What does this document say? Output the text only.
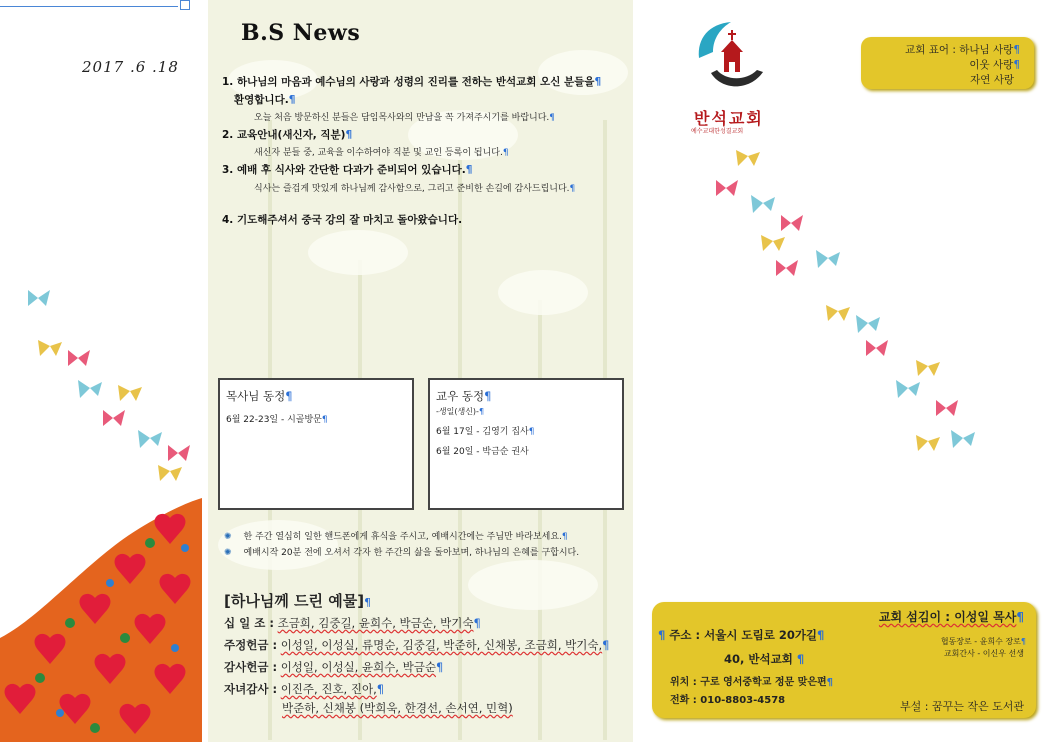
2017 .6 .18
B.S News
1. 하나님의 마음과 예수님의 사랑과 성령의 진리를 전하는 반석교회 오신 분들을¶
환영합니다.¶
오늘 처음 방문하신 분들은 담임목사와의 만남을 꼭 가져주시기를 바랍니다.¶
2. 교육안내(새신자, 직분)¶
새신자 분들 중, 교육을 이수하여야 직분 및 교인 등록이 됩니다.¶
3. 예배 후 식사와 간단한 다과가 준비되어 있습니다.¶
식사는 즐겁게 맛있게 하나님께 감사함으로, 그리고 준비한 손길에 감사드립니다.¶
4. 기도해주셔서 중국 강의 잘 마치고 돌아왔습니다.
목사님 동정¶
6월 22-23일 - 시골방문¶
교우 동정¶
-생일(생신)-¶
6월 17일 - 김영기 집사¶
6월 20일 - 박금순 권사
✺ 한 주간 열심히 일한 핸드폰에게 휴식을 주시고, 예배시간에는 주님만 바라보세요.¶
✺ 예배시작 20분 전에 오셔서 각자 한 주간의 삶을 돌아보며, 하나님의 은혜를 구합시다.
[하나님께 드린 예물]¶
십 일 조 : 조금희, 김중길, 윤희수, 박금순, 박기숙¶
주정헌금 : 이성일, 이성실, 류명순, 김중길, 박준하, 신채봉, 조금희, 박기숙,¶
감사헌금 : 이성일, 이성실, 윤희수, 박금순¶
자녀감사 : 이진주, 진호, 진아,¶
박준하, 신채봉 (박희욱, 한경선, 손서연, 민혁)
반석교회
예수교대한성결교회
교회 표어 : 하나님 사랑¶
이웃 사랑¶
자연 사랑
교회 섬김이 : 이성일 목사¶
¶ 주소 : 서울시 도림로 20가길¶	협동장로 - 윤희수 장로¶
교회간사 - 이신우 선생
40, 반석교회 ¶
위치 : 구로 영서중학교 정문 맞은편¶
전화 : 010-8803-4578	부설 : 꿈꾸는 작은 도서관
